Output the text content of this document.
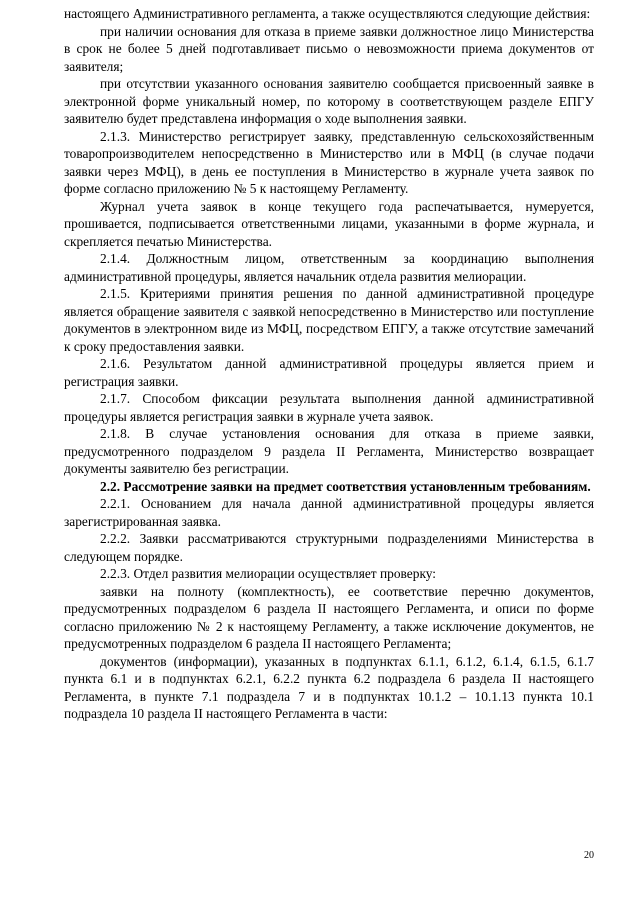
настоящего Административного регламента, а также осуществляются следующие действия:

при наличии основания для отказа в приеме заявки должностное лицо Министерства в срок не более 5 дней подготавливает письмо о невозможности приема документов от заявителя;

при отсутствии указанного основания заявителю сообщается присвоенный заявке в электронной форме уникальный номер, по которому в соответствующем разделе ЕПГУ заявителю будет представлена информация о ходе выполнения заявки.

2.1.3. Министерство регистрирует заявку, представленную сельскохозяйственным товаропроизводителем непосредственно в Министерство или в МФЦ (в случае подачи заявки через МФЦ), в день ее поступления в Министерство в журнале учета заявок по форме согласно приложению № 5 к настоящему Регламенту.

Журнал учета заявок в конце текущего года распечатывается, нумеруется, прошивается, подписывается ответственными лицами, указанными в форме журнала, и скрепляется печатью Министерства.

2.1.4. Должностным лицом, ответственным за координацию выполнения административной процедуры, является начальник отдела развития мелиорации.

2.1.5. Критериями принятия решения по данной административной процедуре является обращение заявителя с заявкой непосредственно в Министерство или поступление документов в электронном виде из МФЦ, посредством ЕПГУ, а также отсутствие замечаний к сроку предоставления заявки.

2.1.6. Результатом данной административной процедуры является прием и регистрация заявки.

2.1.7. Способом фиксации результата выполнения данной административной процедуры является регистрация заявки в журнале учета заявок.

2.1.8. В случае установления основания для отказа в приеме заявки, предусмотренного подразделом 9 раздела II Регламента, Министерство возвращает документы заявителю без регистрации.

2.2. Рассмотрение заявки на предмет соответствия установленным требованиям.

2.2.1. Основанием для начала данной административной процедуры является зарегистрированная заявка.

2.2.2. Заявки рассматриваются структурными подразделениями Министерства в следующем порядке.

2.2.3. Отдел развития мелиорации осуществляет проверку:

заявки на полноту (комплектность), ее соответствие перечню документов, предусмотренных подразделом 6 раздела II настоящего Регламента, и описи по форме согласно приложению № 2 к настоящему Регламенту, а также исключение документов, не предусмотренных подразделом 6 раздела II настоящего Регламента;

документов (информации), указанных в подпунктах 6.1.1, 6.1.2, 6.1.4, 6.1.5, 6.1.7 пункта 6.1 и в подпунктах 6.2.1, 6.2.2 пункта 6.2 подраздела 6 раздела II настоящего Регламента, в пункте 7.1 подраздела 7 и в подпунктах 10.1.2 – 10.1.13 пункта 10.1 подраздела 10 раздела II настоящего Регламента в части:

20
